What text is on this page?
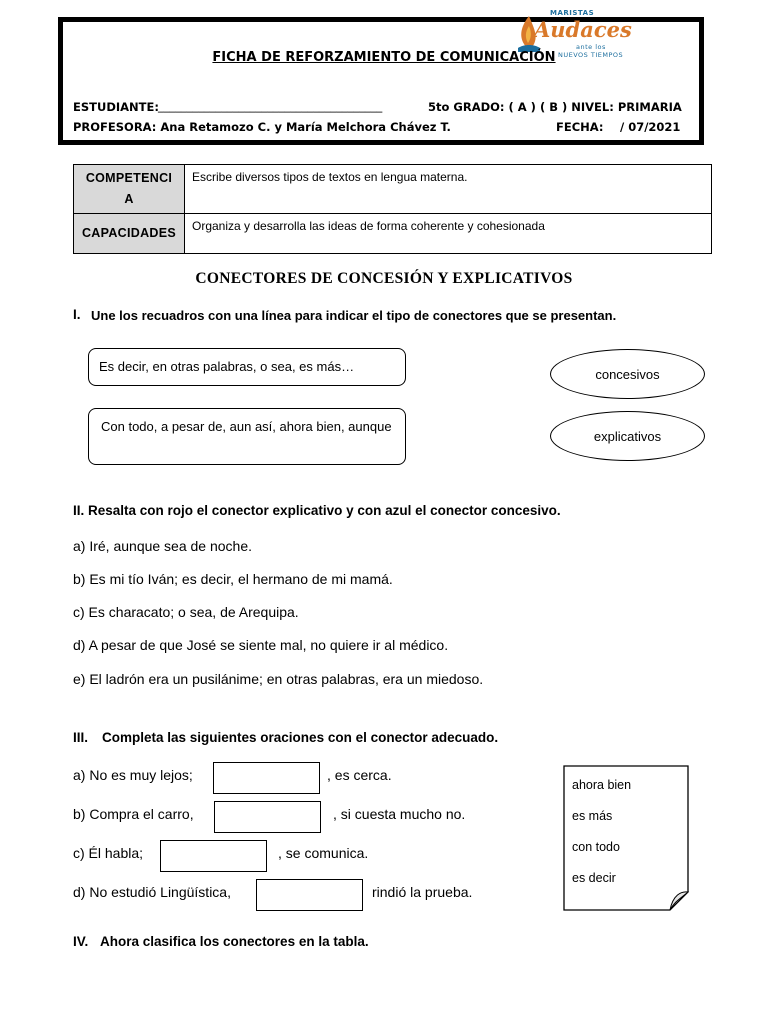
MARISTAS
Audaces
ante los
NUEVOS TIEMPOS
FICHA DE REFORZAMIENTO DE COMUNICACIÓN
ESTUDIANTE: _______________________________________	5to GRADO: ( A ) ( B ) NIVEL: PRIMARIA
PROFESORA: Ana Retamozo C. y María Melchora Chávez T.	FECHA: / 07/2021
COMPETENCI
A	Escribe diversos tipos de textos en lengua materna.
CAPACIDADES	Organiza y desarrolla las ideas de forma coherente y cohesionada
CONECTORES DE CONCESIÓN Y EXPLICATIVOS
I. Une los recuadros con una línea para indicar el tipo de conectores que se presentan.
Es decir, en otras palabras, o sea, es más…
Con todo, a pesar de, aun así, ahora bien, aunque
concesivos
explicativos
II. Resalta con rojo el conector explicativo y con azul el conector concesivo.
a) Iré, aunque sea de noche.
b) Es mi tío Iván; es decir, el hermano de mi mamá.
c) Es characato; o sea, de Arequipa.
d) A pesar de que José se siente mal, no quiere ir al médico.
e) El ladrón era un pusilánime; en otras palabras, era un miedoso.
III. Completa las siguientes oraciones con el conector adecuado.
a) No es muy lejos;	, es cerca.
b) Compra el carro,	, si cuesta mucho no.
c) Él habla;	, se comunica.
d) No estudió Lingüística,	rindió la prueba.
ahora bien
es más
con todo
es decir
IV. Ahora clasifica los conectores en la tabla.
